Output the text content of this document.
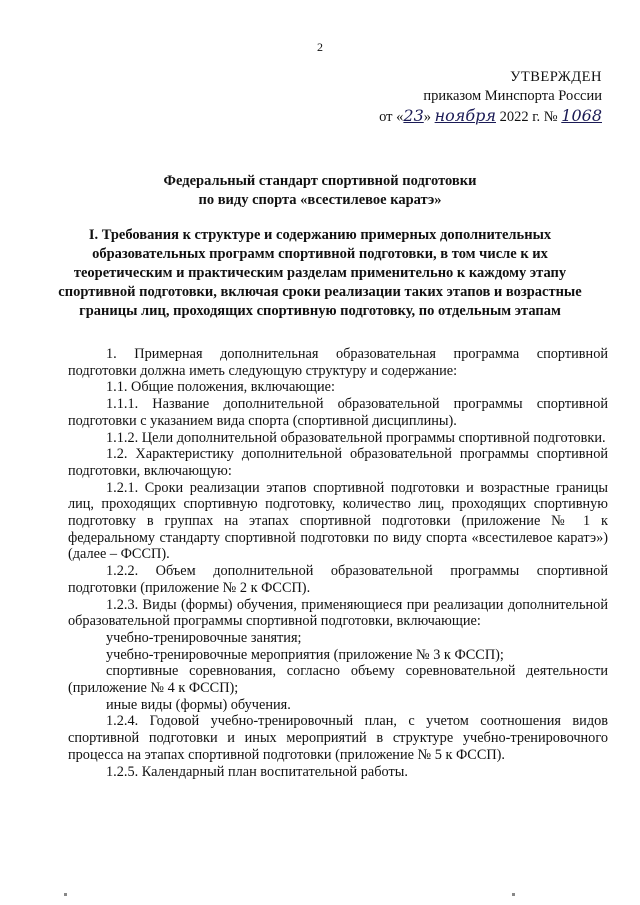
2
УТВЕРЖДЕН
приказом Минспорта России
от «23» ноября 2022 г. № 1068
Федеральный стандарт спортивной подготовки
по виду спорта «всестилевое каратэ»
I. Требования к структуре и содержанию примерных дополнительных образовательных программ спортивной подготовки, в том числе к их теоретическим и практическим разделам применительно к каждому этапу спортивной подготовки, включая сроки реализации таких этапов и возрастные границы лиц, проходящих спортивную подготовку, по отдельным этапам

1. Примерная дополнительная образовательная программа спортивной подготовки должна иметь следующую структуру и содержание:

1.1. Общие положения, включающие:

1.1.1. Название дополнительной образовательной программы спортивной подготовки с указанием вида спорта (спортивной дисциплины).

1.1.2. Цели дополнительной образовательной программы спортивной подготовки.

1.2. Характеристику дополнительной образовательной программы спортивной подготовки, включающую:

1.2.1. Сроки реализации этапов спортивной подготовки и возрастные границы лиц, проходящих спортивную подготовку, количество лиц, проходящих спортивную подготовку в группах на этапах спортивной подготовки (приложение № 1 к федеральному стандарту спортивной подготовки по виду спорта «всестилевое каратэ») (далее – ФССП).

1.2.2. Объем дополнительной образовательной программы спортивной подготовки (приложение № 2 к ФССП).

1.2.3. Виды (формы) обучения, применяющиеся при реализации дополнительной образовательной программы спортивной подготовки, включающие:

учебно-тренировочные занятия;

учебно-тренировочные мероприятия (приложение № 3 к ФССП);

спортивные соревнования, согласно объему соревновательной деятельности (приложение № 4 к ФССП);

иные виды (формы) обучения.

1.2.4. Годовой учебно-тренировочный план, с учетом соотношения видов спортивной подготовки и иных мероприятий в структуре учебно-тренировочного процесса на этапах спортивной подготовки (приложение № 5 к ФССП).

1.2.5. Календарный план воспитательной работы.
